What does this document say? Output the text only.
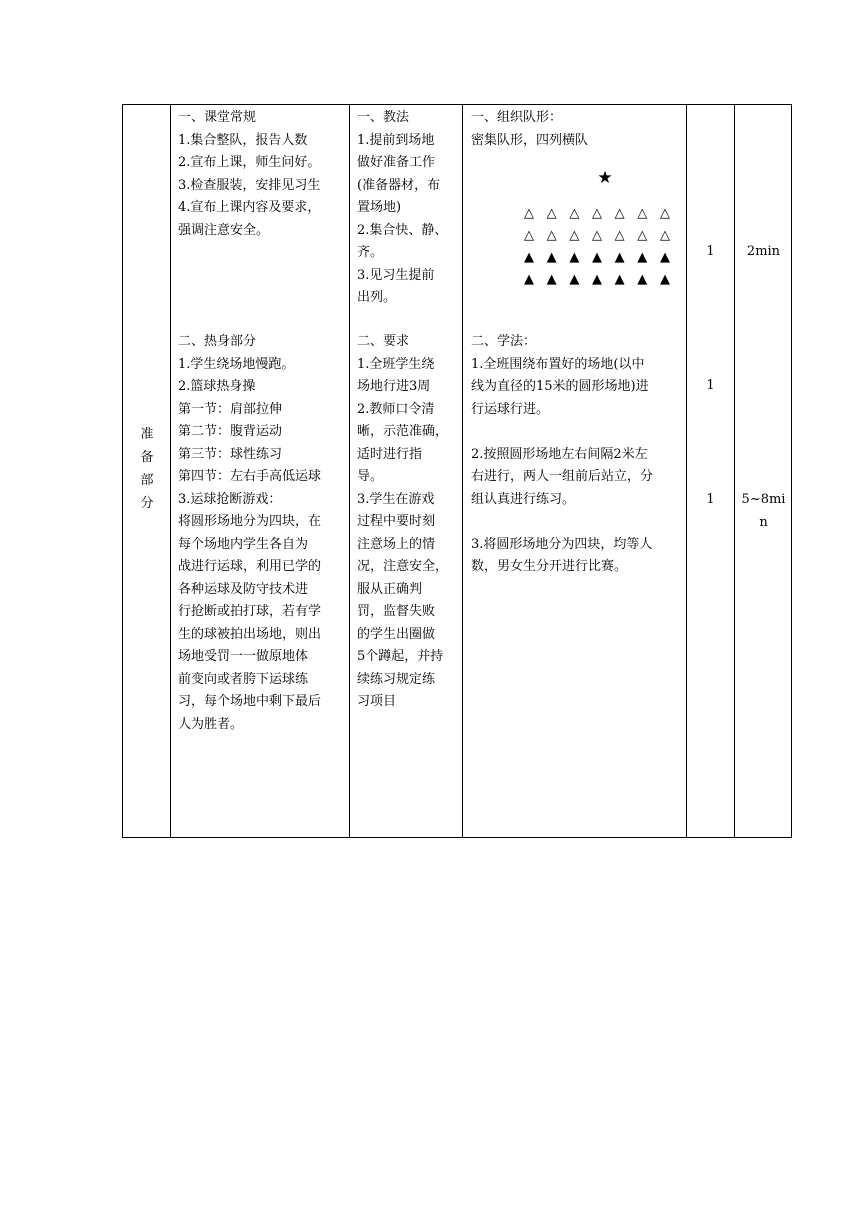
准
备
部
分
一、课堂常规
1.集合整队，报告人数
2.宣布上课，师生问好。
3.检查服装，安排见习生
4.宣布上课内容及要求，
强调注意安全。
二、热身部分
1.学生绕场地慢跑。
2.篮球热身操
第一节：肩部拉伸
第二节：腹背运动
第三节：球性练习
第四节：左右手高低运球
3.运球抢断游戏：
将圆形场地分为四块，在
每个场地内学生各自为
战进行运球，利用已学的
各种运球及防守技术进
行抢断或拍打球，若有学
生的球被拍出场地，则出
场地受罚一一做原地体
前变向或者胯下运球练
习，每个场地中剩下最后
人为胜者。
一、教法
1.提前到场地
做好准备工作
(准备器材，布
置场地)
2.集合快、静、
齐。
3.见习生提前
出列。
二、要求
1.全班学生绕
场地行进3周
2.教师口令清
晰，示范准确，
适时进行指
导。
3.学生在游戏
过程中要时刻
注意场上的情
况，注意安全，
服从正确判
罚，监督失败
的学生出圈做
5个蹲起，并持
续练习规定练
习项目
一、组织队形：
密集队形，四列横队
★
△ △ △ △ △ △ △
△ △ △ △ △ △ △
▲ ▲ ▲ ▲ ▲ ▲ ▲
▲ ▲ ▲ ▲ ▲ ▲ ▲
二、学法：
1.全班围绕布置好的场地(以中
线为直径的15米的圆形场地)进
行运球行进。
2.按照圆形场地左右间隔2米左
右进行，两人一组前后站立，分
组认真进行练习。
3.将圆形场地分为四块，均等人
数，男女生分开进行比赛。
1
1
1
2min
5~8mi
n
